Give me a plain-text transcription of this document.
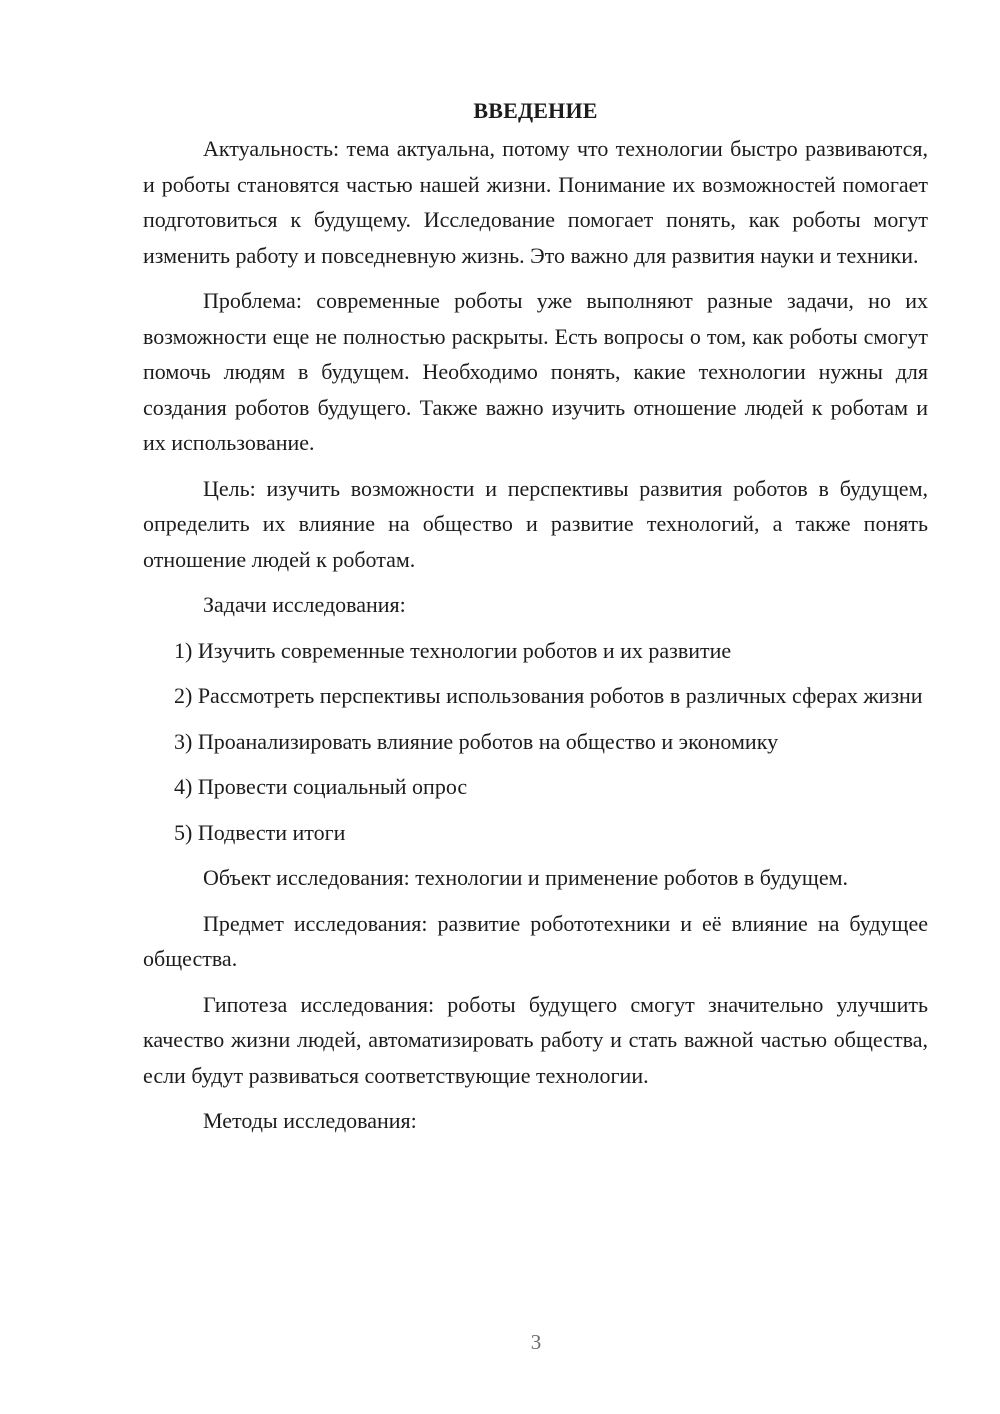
ВВЕДЕНИЕ

Актуальность: тема актуальна, потому что технологии быстро развиваются, и роботы становятся частью нашей жизни. Понимание их возможностей помогает подготовиться к будущему. Исследование помогает понять, как роботы могут изменить работу и повседневную жизнь. Это важно для развития науки и техники.

Проблема: современные роботы уже выполняют разные задачи, но их возможности еще не полностью раскрыты. Есть вопросы о том, как роботы смогут помочь людям в будущем. Необходимо понять, какие технологии нужны для создания роботов будущего. Также важно изучить отношение людей к роботам и их использование.

Цель: изучить возможности и перспективы развития роботов в будущем, определить их влияние на общество и развитие технологий, а также понять отношение людей к роботам.

Задачи исследования:

1) Изучить современные технологии роботов и их развитие

2) Рассмотреть перспективы использования роботов в различных сферах жизни

3) Проанализировать влияние роботов на общество и экономику

4) Провести социальный опрос

5) Подвести итоги

Объект исследования: технологии и применение роботов в будущем.

Предмет исследования: развитие робототехники и её влияние на будущее общества.

Гипотеза исследования: роботы будущего смогут значительно улучшить качество жизни людей, автоматизировать работу и стать важной частью общества, если будут развиваться соответствующие технологии.

Методы исследования:

3
